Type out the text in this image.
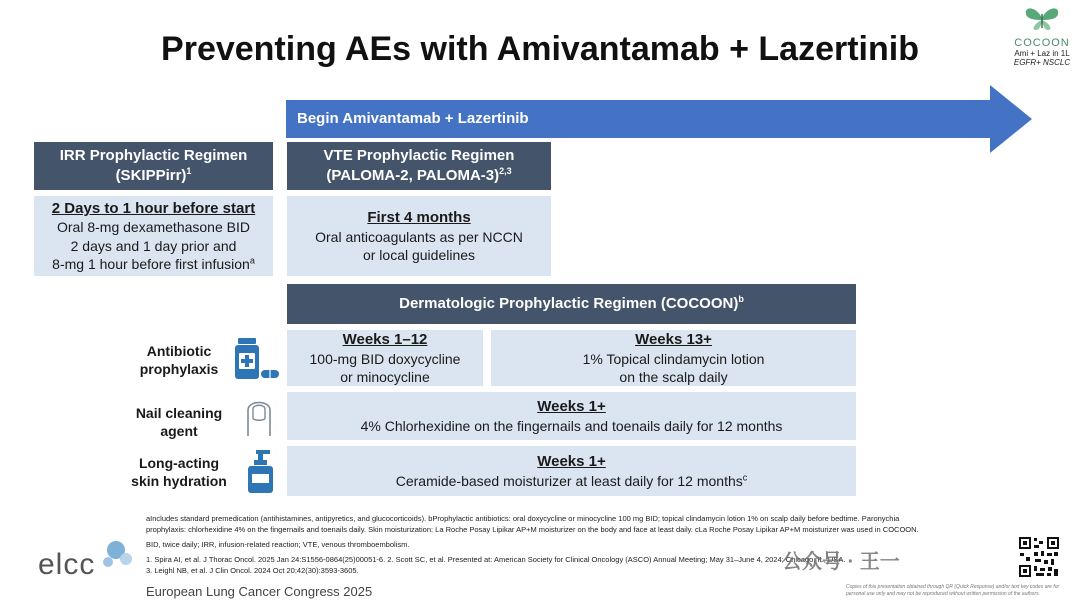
Preventing AEs with Amivantamab + Lazertinib	COCOON
Ami + Laz in 1L
EGFR+ NSCLC
Begin Amivantamab + Lazertinib
IRR Prophylactic Regimen
(SKIPPirr)$^1$
2 Days to 1 hour before start
Oral 8-mg dexamethasone BID
2 days and 1 day prior and
8-mg 1 hour before first infusion$^a$
VTE Prophylactic Regimen
(PALOMA-2, PALOMA-3)$^{2,3}$
First 4 months
Oral anticoagulants as per NCCN
or local guidelines
Dermatologic Prophylactic Regimen (COCOON)$^b$
Antibiotic
prophylaxis
Weeks 1–12
100-mg BID doxycycline
or minocycline
Weeks 13+
1% Topical clindamycin lotion
on the scalp daily
Nail cleaning
agent
Weeks 1+
4% Chlorhexidine on the fingernails and toenails daily for 12 months
Long-acting
skin hydration
Weeks 1+
Ceramide-based moisturizer at least daily for 12 months$^c$

aIncludes standard premedication (antihistamines, antipyretics, and glucocorticoids). bProphylactic antibiotics: oral doxycycline or minocycline 100 mg BID; topical clindamycin lotion 1% on scalp daily before bedtime. Paronychia prophylaxis: chlorhexidine 4% on the fingernails and toenails daily. Skin moisturization: La Roche Posay Lipikar AP+M moisturizer on the body and face at least daily. cLa Roche Posay Lipikar AP+M moisturizer was used in COCOON.

BID, twice daily; IRR, infusion-related reaction; VTE, venous thromboembolism.

1. Spira AI, et al. J Thorac Oncol. 2025 Jan 24:S1556-0864(25)00051-6. 2. Scott SC, et al. Presented at: American Society for Clinical Oncology (ASCO) Annual Meeting; May 31–June 4, 2024; Chicago, IL, USA.
3. Leighl NB, et al. J Clin Oncol. 2024 Oct 20;42(30):3593-3605.
elcc
European Lung Cancer Congress 2025	Copies of this presentation obtained through QR (Quick Response) and/or text key codes are for personal use only and may not be reproduced without written permission of the authors.
公众号 · 王一
